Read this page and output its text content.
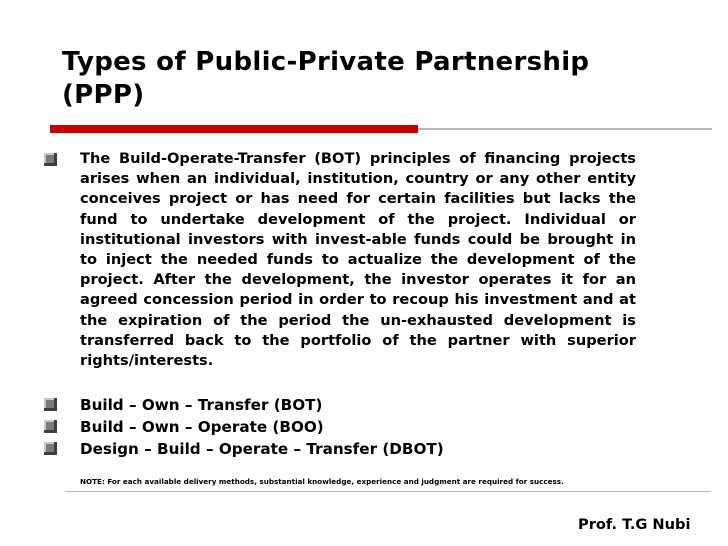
Types of Public-Private Partnership (PPP)
The Build-Operate-Transfer (BOT) principles of financing projects arises when an individual, institution, country or any other entity conceives project or has need for certain facilities but lacks the fund to undertake development of the project. Individual or institutional investors with invest-able funds could be brought in to inject the needed funds to actualize the development of the project. After the development, the investor operates it for an agreed concession period in order to recoup his investment and at the expiration of the period the un-exhausted development is transferred back to the portfolio of the partner with superior rights/interests.
Build – Own – Transfer (BOT)
Build – Own – Operate (BOO)
Design – Build – Operate – Transfer (DBOT)
NOTE: For each available delivery methods, substantial knowledge, experience and judgment are required for success.
Prof. T.G Nubi
